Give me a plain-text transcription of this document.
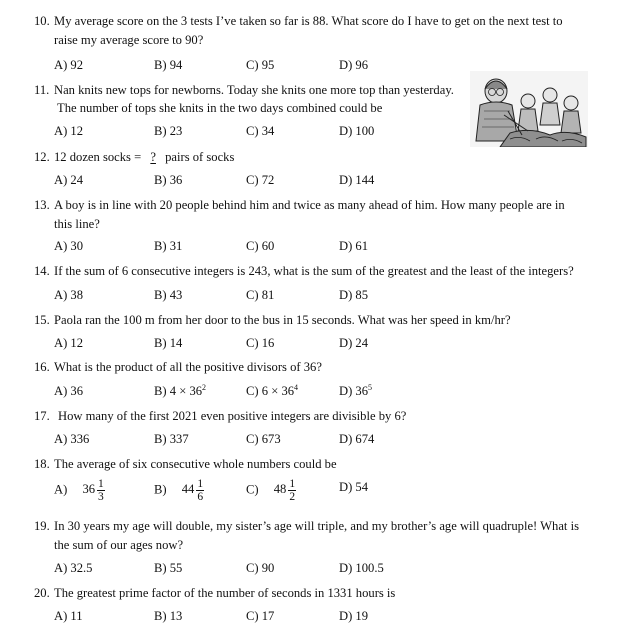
10. My average score on the 3 tests I’ve taken so far is 88. What score do I have to get on the next test to
raise my average score to 90?
A) 92	B) 94	C) 95	D) 96
11. Nan knits new tops for newborns. Today she knits one more top than yesterday.
The number of tops she knits in the two days combined could be
A) 12	B) 23	C) 34	D) 100
12. 12 dozen socks = ? pairs of socks
A) 24	B) 36	C) 72	D) 144
13. A boy is in line with 20 people behind him and twice as many ahead of him. How many people are in
this line?
A) 30	B) 31	C) 60	D) 61
14. If the sum of 6 consecutive integers is 243, what is the sum of the greatest and the least of the integers?
A) 38	B) 43	C) 81	D) 85
15. Paola ran the 100 m from her door to the bus in 15 seconds. What was her speed in km/hr?
A) 12	B) 14	C) 16	D) 24
16. What is the product of all the positive divisors of 36?
A) 36	B) $4 \times 36^2$	C) $6 \times 36^4$	D) $36^5$
17. How many of the first 2021 even positive integers are divisible by 6?
A) 336	B) 337	C) 673	D) 674
18. The average of six consecutive whole numbers could be
A) $36 \frac{1}{3}$	B) $44 \frac{1}{6}$	C) $48 \frac{1}{2}$	D) 54
19. In 30 years my age will double, my sister’s age will triple, and my brother’s age will quadruple! What is
the sum of our ages now?
A) 32.5	B) 55	C) 90	D) 100.5
20. The greatest prime factor of the number of seconds in 1331 hours is
A) 11	B) 13	C) 17	D) 19
